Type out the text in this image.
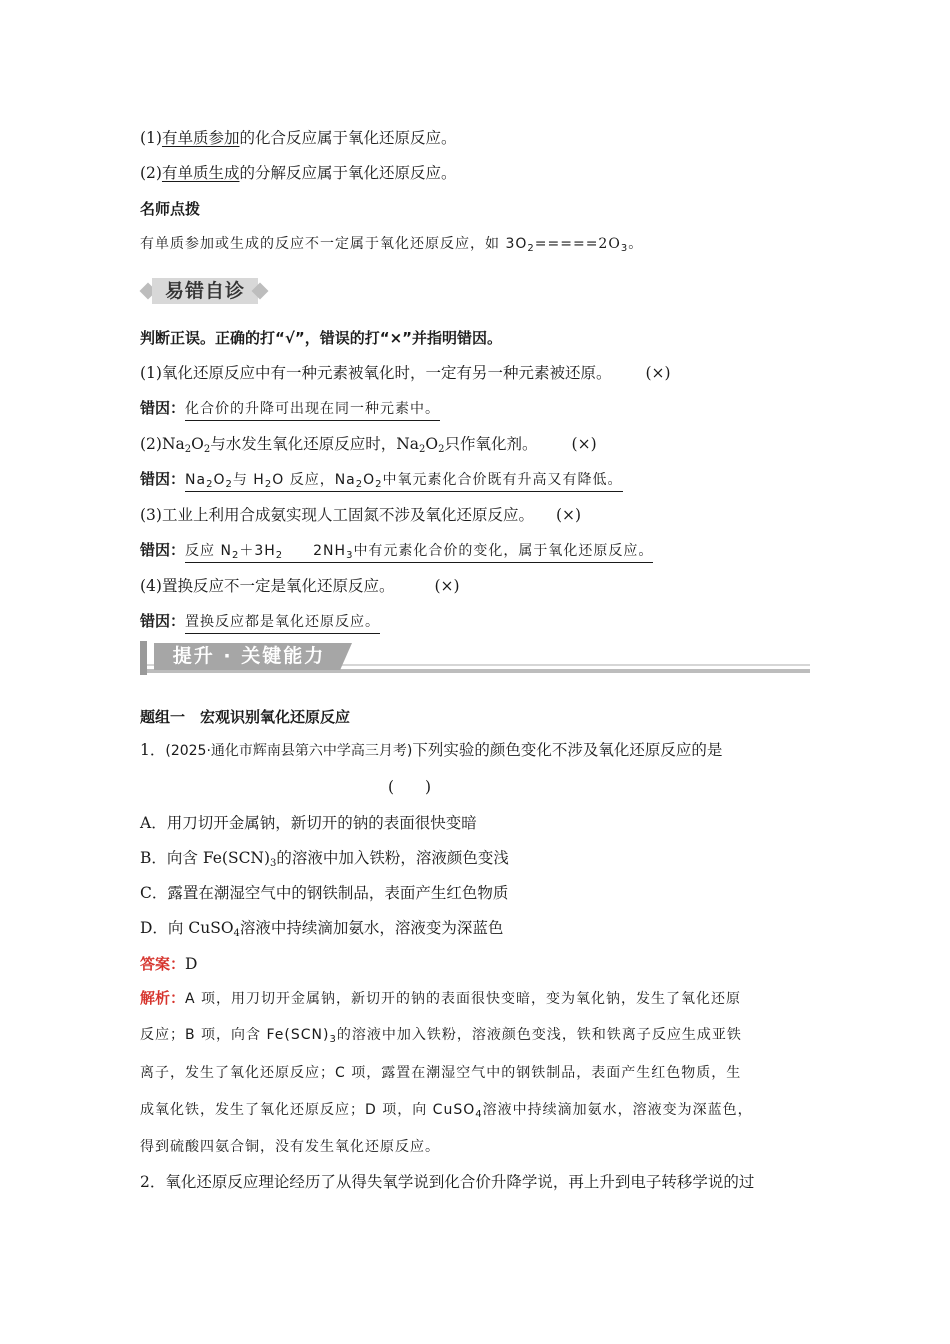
(1)有单质参加的化合反应属于氧化还原反应。
(2)有单质生成的分解反应属于氧化还原反应。
名师点拨
有单质参加或生成的反应不一定属于氧化还原反应，如 $3O_2=====2O_3$。
易错自诊
判断正误。正确的打“√”，错误的打“×”并指明错因。
(1)氧化还原反应中有一种元素被氧化时，一定有另一种元素被还原。 (×)
错因：化合价的升降可出现在同一种元素中。
$(2)Na_2O_2$与水发生氧化还原反应时，$Na_2O_2$只作氧化剂。 (×)
错因：$Na_2O_2$与 $H_2O$ 反应，$Na_2O_2$中氧元素化合价既有升高又有降低。
(3)工业上利用合成氨实现人工固氮不涉及氧化还原反应。 (×)
错因：反应 $N_2+3H_2$ $2NH_3$中有元素化合价的变化，属于氧化还原反应。
(4)置换反应不一定是氧化还原反应。	(×)
错因：置换反应都是氧化还原反应。
提升 · 关键能力
题组一　宏观识别氧化还原反应
1．(2025·通化市辉南县第六中学高三月考)下列实验的颜色变化不涉及氧化还原反应的是
(　　)
A．用刀切开金属钠，新切开的钠的表面很快变暗
B．向含 $Fe(SCN)_3$的溶液中加入铁粉，溶液颜色变浅
C．露置在潮湿空气中的钢铁制品，表面产生红色物质
D．向 CuSO$_4$溶液中持续滴加氨水，溶液变为深蓝色
答案：D
解析：A 项，用刀切开金属钠，新切开的钠的表面很快变暗，变为氧化钠，发生了氧化还原
反应；B 项，向含 $Fe(SCN)_3$的溶液中加入铁粉，溶液颜色变浅，铁和铁离子反应生成亚铁
离子，发生了氧化还原反应；C 项，露置在潮湿空气中的钢铁制品，表面产生红色物质，生
成氧化铁，发生了氧化还原反应；D 项，向 CuSO$_4$溶液中持续滴加氨水，溶液变为深蓝色，
得到硫酸四氨合铜，没有发生氧化还原反应。
2．氧化还原反应理论经历了从得失氧学说到化合价升降学说，再上升到电子转移学说的过
